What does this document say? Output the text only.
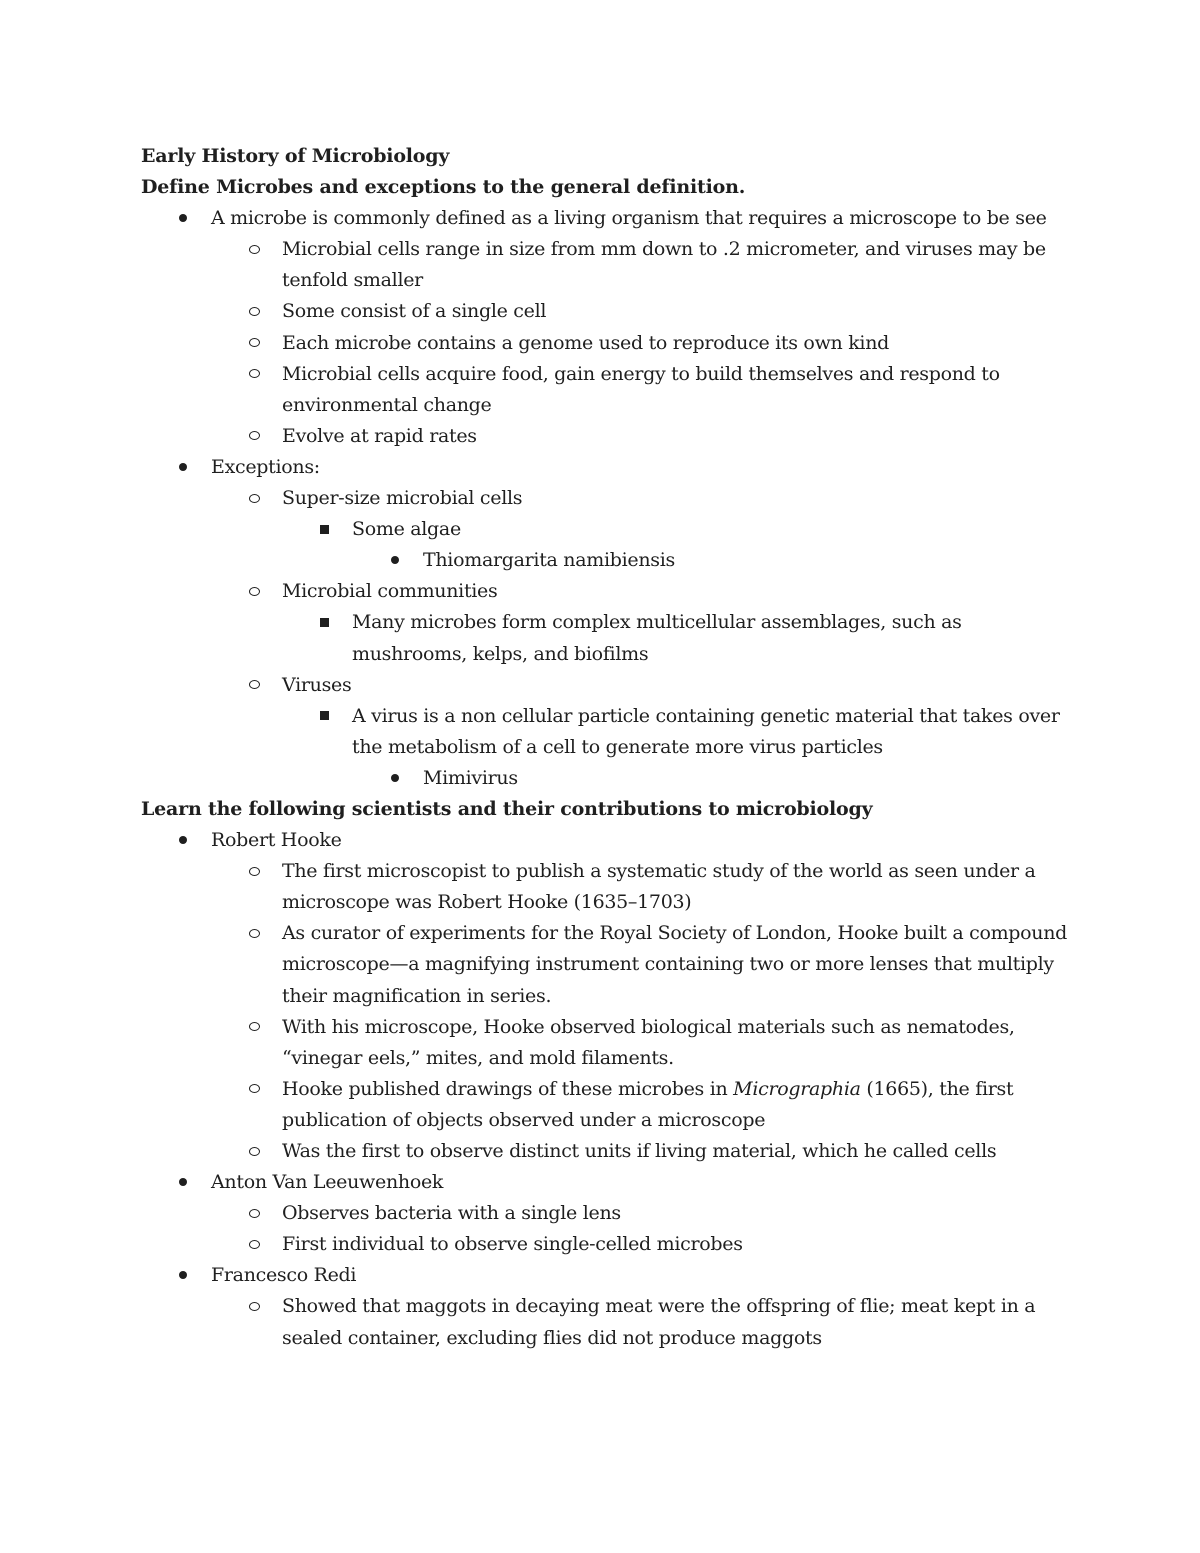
Early History of Microbiology
Define Microbes and exceptions to the general definition.
A microbe is commonly defined as a living organism that requires a microscope to be see
Microbial cells range in size from mm down to .2 micrometer, and viruses may be tenfold smaller
Some consist of a single cell
Each microbe contains a genome used to reproduce its own kind
Microbial cells acquire food, gain energy to build themselves and respond to environmental change
Evolve at rapid rates
Exceptions:
Super-size microbial cells
Some algae
Thiomargarita namibiensis
Microbial communities
Many microbes form complex multicellular assemblages, such as mushrooms, kelps, and biofilms
Viruses
A virus is a non cellular particle containing genetic material that takes over the metabolism of a cell to generate more virus particles
Mimivirus
Learn the following scientists and their contributions to microbiology
Robert Hooke
The first microscopist to publish a systematic study of the world as seen under a microscope was Robert Hooke (1635–1703)
As curator of experiments for the Royal Society of London, Hooke built a compound microscope—a magnifying instrument containing two or more lenses that multiply their magnification in series.
With his microscope, Hooke observed biological materials such as nematodes, “vinegar eels,” mites, and mold filaments.
Hooke published drawings of these microbes in Micrographia (1665), the first publication of objects observed under a microscope
Was the first to observe distinct units if living material, which he called cells
Anton Van Leeuwenhoek
Observes bacteria with a single lens
First individual to observe single-celled microbes
Francesco Redi
Showed that maggots in decaying meat were the offspring of flie; meat kept in a sealed container, excluding flies did not produce maggots
